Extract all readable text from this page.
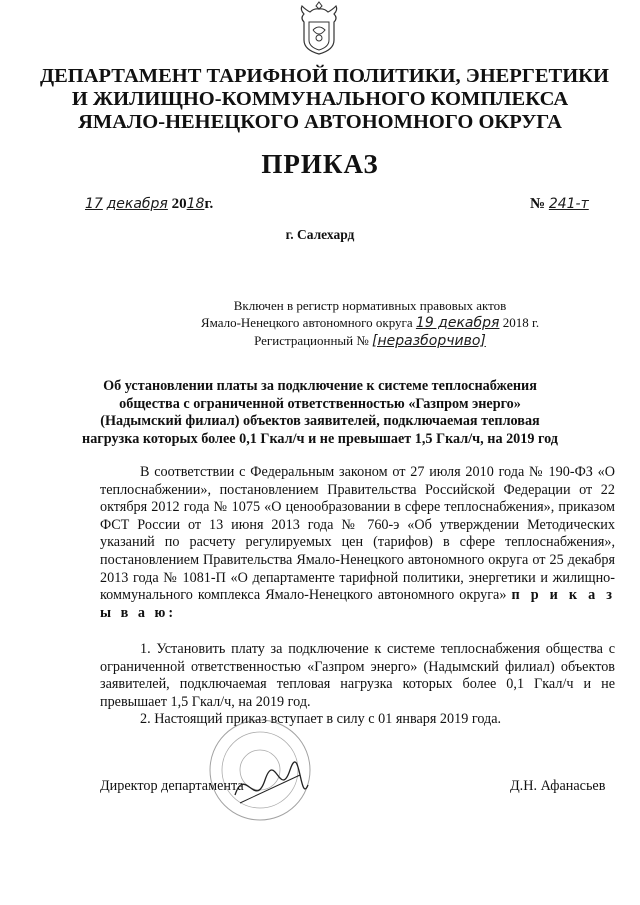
ДЕПАРТАМЕНТ ТАРИФНОЙ ПОЛИТИКИ, ЭНЕРГЕТИКИ
И ЖИЛИЩНО-КОММУНАЛЬНОГО КОМПЛЕКСА
ЯМАЛО-НЕНЕЦКОГО АВТОНОМНОГО ОКРУГА
ПРИКАЗ
17 декабря 2018г.	№ 241-т
г. Салехард
Включен в регистр нормативных правовых актов
Ямало-Ненецкого автономного округа 19 декабря 2018 г.
Регистрационный № [неразборчиво]
Об установлении платы за подключение к системе теплоснабжения
общества с ограниченной ответственностью «Газпром энерго»
(Надымский филиал) объектов заявителей, подключаемая тепловая
нагрузка которых более 0,1 Гкал/ч и не превышает 1,5 Гкал/ч, на 2019 год

В соответствии с Федеральным законом от 27 июля 2010 года № 190-ФЗ «О теплоснабжении», постановлением Правительства Российской Федерации от 22 октября 2012 года № 1075 «О ценообразовании в сфере теплоснабжения», приказом ФСТ России от 13 июня 2013 года № 760-э «Об утверждении Методических указаний по расчету регулируемых цен (тарифов) в сфере теплоснабжения», постановлением Правительства Ямало-Ненецкого автономного округа от 25 декабря 2013 года № 1081-П «О департаменте тарифной политики, энергетики и жилищно-коммунального комплекса Ямало-Ненецкого автономного округа» п р и к а з ы в а ю:

1. Установить плату за подключение к системе теплоснабжения общества с ограниченной ответственностью «Газпром энерго» (Надымский филиал) объектов заявителей, подключаемая тепловая нагрузка которых более 0,1 Гкал/ч и не превышает 1,5 Гкал/ч, на 2019 год.

2. Настоящий приказ вступает в силу с 01 января 2019 года.

Директор департамента	Д.Н. Афанасьев
